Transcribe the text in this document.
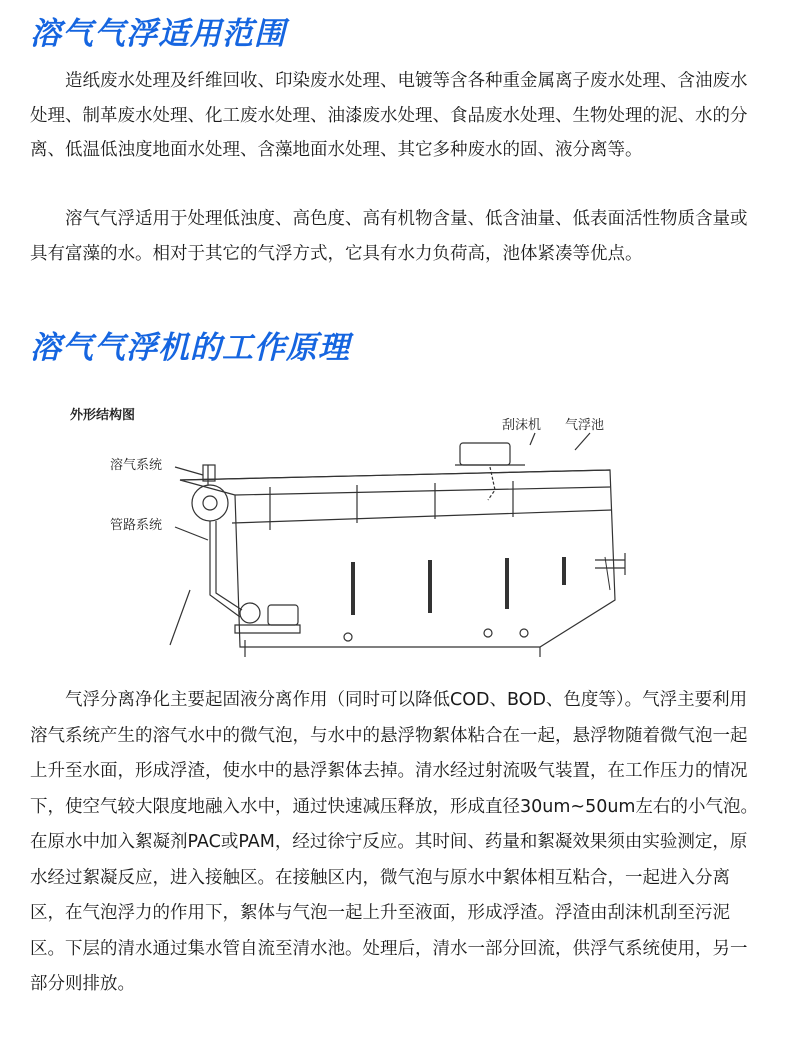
溶气气浮适用范围

造纸废水处理及纤维回收、印染废水处理、电镀等含各种重金属离子废水处理、含油废水处理、制革废水处理、化工废水处理、油漆废水处理、食品废水处理、生物处理的泥、水的分离、低温低浊度地面水处理、含藻地面水处理、其它多种废水的固、液分离等。

溶气气浮适用于处理低浊度、高色度、高有机物含量、低含油量、低表面活性物质含量或具有富藻的水。相对于其它的气浮方式，它具有水力负荷高，池体紧凑等优点。

溶气气浮机的工作原理
外形结构图
溶气系统
管路系统
刮沫机 气浮池

气浮分离净化主要起固液分离作用（同时可以降低COD、BOD、色度等）。气浮主要利用溶气系统产生的溶气水中的微气泡，与水中的悬浮物絮体粘合在一起，悬浮物随着微气泡一起上升至水面，形成浮渣，使水中的悬浮絮体去掉。清水经过射流吸气装置，在工作压力的情况下，使空气较大限度地融入水中，通过快速减压释放，形成直径30um~50um左右的小气泡。在原水中加入絮凝剂PAC或PAM，经过徐宁反应。其时间、药量和絮凝效果须由实验测定，原水经过絮凝反应，进入接触区。在接触区内，微气泡与原水中絮体相互粘合，一起进入分离区，在气泡浮力的作用下，絮体与气泡一起上升至液面，形成浮渣。浮渣由刮沫机刮至污泥区。下层的清水通过集水管自流至清水池。处理后，清水一部分回流，供浮气系统使用，另一部分则排放。
